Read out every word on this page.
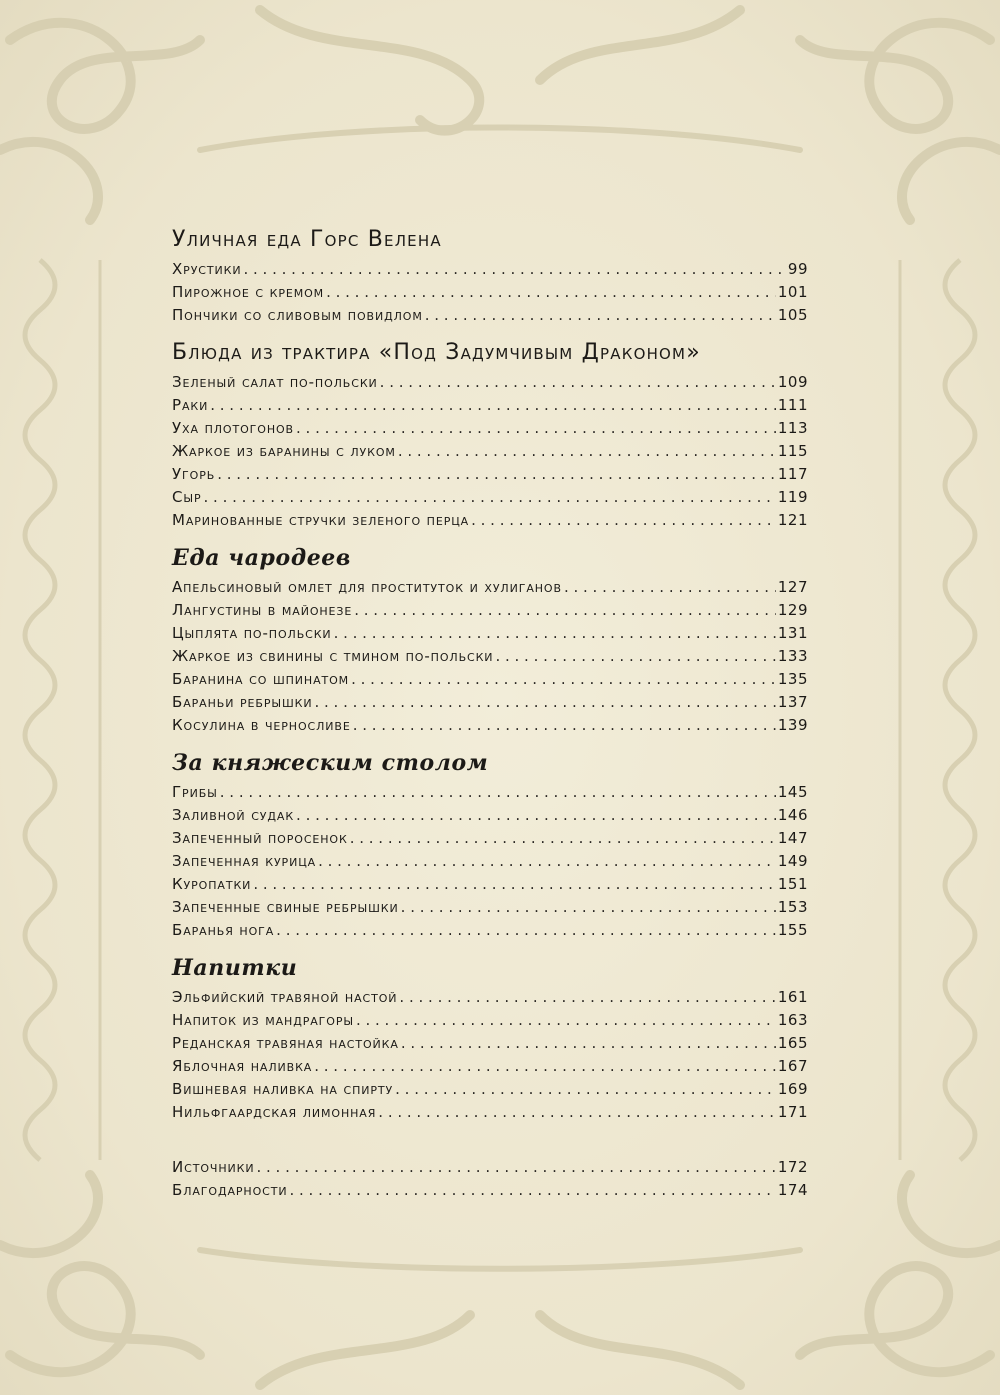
Уличная еда Горс Велена
Хрустики . . .	99
Пирожное с кремом . . .	101
Пончики со сливовым повидлом . . .	105
Блюда из трактира «Под Задумчивым Драконом»
Зеленый салат по-польски . . .	109
Раки . . .	111
Уха плотогонов . . .	113
Жаркое из баранины с луком . . .	115
Угорь . . .	117
Сыр . . .	119
Маринованные стручки зеленого перца . . .	121
Еда чародеев
Апельсиновый омлет для проституток и хулиганов . . .	127
Лангустины в майонезе . . .	129
Цыплята по-польски . . .	131
Жаркое из свинины с тмином по-польски . . .	133
Баранина со шпинатом . . .	135
Бараньи ребрышки . . .	137
Косулина в черносливе . . .	139
За княжеским столом
Грибы . . .	145
Заливной судак . . .	146
Запеченный поросенок . . .	147
Запеченная курица . . .	149
Куропатки . . .	151
Запеченные свиные ребрышки . . .	153
Баранья нога . . .	155
Напитки
Эльфийский травяной настой . . .	161
Напиток из мандрагоры . . .	163
Реданская травяная настойка . . .	165
Яблочная наливка . . .	167
Вишневая наливка на спирту . . .	169
Нильфгаардская лимонная . . .	171
Источники . . .	172
Благодарности . . .	174
